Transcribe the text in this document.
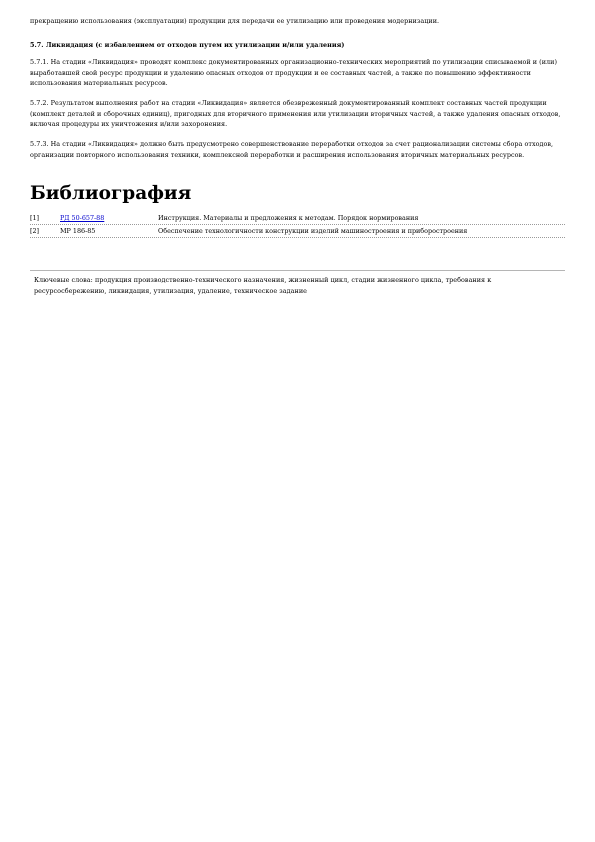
прекращению использования (эксплуатации) продукции для передачи ее утилизацию или проведения модернизации.

5.7. Ликвидация (с избавлением от отходов путем их утилизации и/или удаления)

5.7.1. На стадии «Ликвидация» проводят комплекс документированных организационно-технических мероприятий по утилизации списываемой и (или) выработавшей свой ресурс продукции и удалению опасных отходов от продукции и ее составных частей, а также по повышению эффективности использования материальных ресурсов.

5.7.2. Результатом выполнения работ на стадии «Ликвидация» является обезвреженный документированный комплект составных частей продукции (комплект деталей и сборочных единиц), пригодных для вторичного применения или утилизации вторичных частей, а также удаления опасных отходов, включая процедуры их уничтожения и/или захоронения.

5.7.3. На стадии «Ликвидация» должно быть предусмотрено совершенствование переработки отходов за счет рационализации системы сбора отходов, организации повторного использования техники, комплексной переработки и расширения использования вторичных материальных ресурсов.

Библиография
[1]	РД 50-657-88	Инструкция. Материалы и предложения к методам. Порядок нормирования
[2]	МР 186-85	Обеспечение технологичности конструкции изделий машиностроения и приборостроения

Ключевые слова: продукция производственно-технического назначения, жизненный цикл, стадии жизненного цикла, требования к ресурсосбережению, ликвидация, утилизация, удаление, техническое задание
